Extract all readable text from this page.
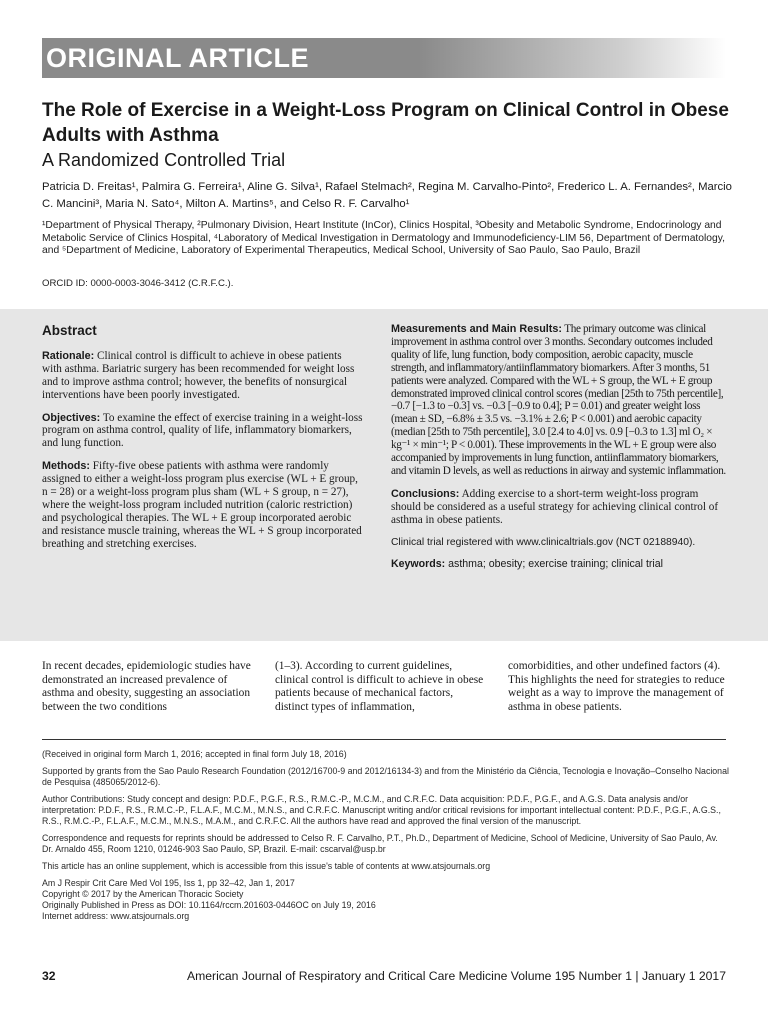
ORIGINAL ARTICLE
The Role of Exercise in a Weight-Loss Program on Clinical Control in Obese Adults with Asthma
A Randomized Controlled Trial
Patricia D. Freitas¹, Palmira G. Ferreira¹, Aline G. Silva¹, Rafael Stelmach², Regina M. Carvalho-Pinto², Frederico L. A. Fernandes², Marcio C. Mancini³, Maria N. Sato⁴, Milton A. Martins⁵, and Celso R. F. Carvalho¹
¹Department of Physical Therapy, ²Pulmonary Division, Heart Institute (InCor), Clinics Hospital, ³Obesity and Metabolic Syndrome, Endocrinology and Metabolic Service of Clinics Hospital, ⁴Laboratory of Medical Investigation in Dermatology and Immunodeficiency-LIM 56, Department of Dermatology, and ⁵Department of Medicine, Laboratory of Experimental Therapeutics, Medical School, University of Sao Paulo, Sao Paulo, Brazil
ORCID ID: 0000-0003-3046-3412 (C.R.F.C.).
Abstract

Rationale: Clinical control is difficult to achieve in obese patients with asthma. Bariatric surgery has been recommended for weight loss and to improve asthma control; however, the benefits of nonsurgical interventions have been poorly investigated.

Objectives: To examine the effect of exercise training in a weight-loss program on asthma control, quality of life, inflammatory biomarkers, and lung function.

Methods: Fifty-five obese patients with asthma were randomly assigned to either a weight-loss program plus exercise (WL + E group, n = 28) or a weight-loss program plus sham (WL + S group, n = 27), where the weight-loss program included nutrition (caloric restriction) and psychological therapies. The WL + E group incorporated aerobic and resistance muscle training, whereas the WL + S group incorporated breathing and stretching exercises.

Measurements and Main Results: The primary outcome was clinical improvement in asthma control over 3 months. Secondary outcomes included quality of life, lung function, body composition, aerobic capacity, muscle strength, and inflammatory/antiinflammatory biomarkers. After 3 months, 51 patients were analyzed. Compared with the WL + S group, the WL + E group demonstrated improved clinical control scores (median [25th to 75th percentile], −0.7 [−1.3 to −0.3] vs. −0.3 [−0.9 to 0.4]; P = 0.01) and greater weight loss (mean ± SD, −6.8% ± 3.5 vs. −3.1% ± 2.6; P < 0.001) and aerobic capacity (median [25th to 75th percentile], 3.0 [2.4 to 4.0] vs. 0.9 [−0.3 to 1.3] ml O₂ × kg⁻¹ × min⁻¹; P < 0.001). These improvements in the WL + E group were also accompanied by improvements in lung function, antiinflammatory biomarkers, and vitamin D levels, as well as reductions in airway and systemic inflammation.

Conclusions: Adding exercise to a short-term weight-loss program should be considered as a useful strategy for achieving clinical control of asthma in obese patients.

Clinical trial registered with www.clinicaltrials.gov (NCT 02188940).

Keywords: asthma; obesity; exercise training; clinical trial

In recent decades, epidemiologic studies have demonstrated an increased prevalence of asthma and obesity, suggesting an association between the two conditions

(1–3). According to current guidelines, clinical control is difficult to achieve in obese patients because of mechanical factors, distinct types of inflammation,

comorbidities, and other undefined factors (4). This highlights the need for strategies to reduce weight as a way to improve the management of asthma in obese patients.

(Received in original form March 1, 2016; accepted in final form July 18, 2016)

Supported by grants from the Sao Paulo Research Foundation (2012/16700-9 and 2012/16134-3) and from the Ministério da Ciência, Tecnologia e Inovação–Conselho Nacional de Pesquisa (485065/2012-6).

Author Contributions: Study concept and design: P.D.F., P.G.F., R.S., R.M.C.-P., M.C.M., and C.R.F.C. Data acquisition: P.D.F., P.G.F., and A.G.S. Data analysis and/or interpretation: P.D.F., R.S., R.M.C.-P., F.L.A.F., M.C.M., M.N.S., and C.R.F.C. Manuscript writing and/or critical revisions for important intellectual content: P.D.F., P.G.F., A.G.S., R.S., R.M.C.-P., F.L.A.F., M.C.M., M.N.S., M.A.M., and C.R.F.C. All the authors have read and approved the final version of the manuscript.

Correspondence and requests for reprints should be addressed to Celso R. F. Carvalho, P.T., Ph.D., Department of Medicine, School of Medicine, University of Sao Paulo, Av. Dr. Arnaldo 455, Room 1210, 01246-903 Sao Paulo, SP, Brazil. E-mail: cscarval@usp.br

This article has an online supplement, which is accessible from this issue's table of contents at www.atsjournals.org

Am J Respir Crit Care Med Vol 195, Iss 1, pp 32–42, Jan 1, 2017

Copyright © 2017 by the American Thoracic Society

Originally Published in Press as DOI: 10.1164/rccm.201603-0446OC on July 19, 2016

Internet address: www.atsjournals.org

32	American Journal of Respiratory and Critical Care Medicine Volume 195 Number 1 | January 1 2017
